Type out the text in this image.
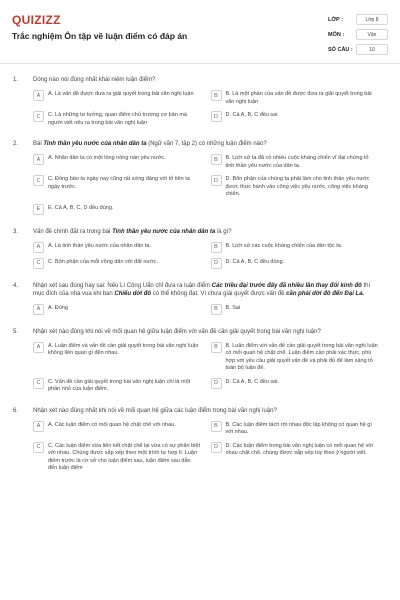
QUIZIZZ
Trắc nghiệm Ôn tập về luận điểm có đáp án
LỚP :	Lớp 8
MÔN :	Văn
SỐ CÂU :	10
1.	Dòng nào nói đúng nhất khái niệm luận điểm?
A	A. Là vấn đề được đưa ra giải quyết trong bài văn nghị luận	B	B. Là một phần của vấn đề được đưa ra giải quyết trong bài văn nghị luận
C	C. Là những tư tưởng, quan điểm chủ trương cơ bản mà người viết nêu ra trong bài văn nghị luận
D	D. Cả A, B, C đều sai
2.	Bài Tinh thần yêu nước của nhân dân ta (Ngữ văn 7, tập 2) có những luận điểm nào?
A	A. Nhân dân ta có một lòng nồng nàn yêu nước.	B	B. Lịch sử ta đã có nhiều cuộc kháng chiến vĩ đại chứng tỏ tinh thần yêu nước của dân ta.
C	C. Đồng bào ta ngày nay cũng rất xứng đáng với tổ tiên ta ngày trước.
D	D. Bổn phận của chúng ta phải làm cho tinh thần yêu nước được thực hành vào công việc yêu nước, công việc kháng chiến.
E	E. Cả A, B, C, D đều đúng.
3.	Vấn đề chính đặt ra trong bài Tinh thần yêu nước của nhân dân ta là gì?
A	A. Là tinh thần yêu nước của nhân dân ta.	B	B. Lịch sử các cuộc kháng chiến của dân tộc ta.
C	C. Bổn phận của mỗi công dân với đất nước.	D	D. Cả A, B, C đều đúng.
4.	Nhận xét sau đúng hay sai: Nếu Lí Công Uẩn chỉ đưa ra luận điểm Các triều đại trước đây đã nhiều lần thay đổi kinh đô thì mục đích của nhà vua khi ban Chiếu dời đô có thể không đạt. Vì chưa giải quyết được vấn đề cần phải dời đô đến Đại La.
A	A. Đúng	B	B. Sai
5.	Nhận xét nào đúng khi nói về mối quan hệ giữa luận điểm với vấn đề cần giải quyết trong bài văn nghị luận?
A	A. Luận điểm và vấn đề cần giải quyết trong bài văn nghị luận không liên quan gì đến nhau.
B	B. Luận điểm với vấn đề cần giải quyết trong bài văn nghị luận có mối quan hệ chặt chẽ. Luận điểm cần phải xác thực, phù hợp với yêu cầu giải quyết vấn đề và phải đủ để làm sáng tỏ toàn bộ luận đề.
C	C. Vấn đề cần giải quyết trong bài văn nghị luận chỉ là một phần nhỏ của luận điểm.
D	D. Cả A, B, C đều sai.
6.	Nhận xét nào đúng nhất khi nói về mối quan hệ giữa các luận điểm trong bài văn nghị luận?
A	A. Các luận điểm có mối quan hệ chặt chẽ với nhau.	B	B. Các luận điểm tách rời nhau độc lập không có quan hệ gì với nhau.
C	C. Các luận điểm vừa liên kết chặt chẽ lại vừa có sự phân biệt với nhau. Chúng được sắp xếp theo một trình tự hợp lí: Luận điểm trước là cơ sở cho luận điểm sau, luận điểm sau dẫn đến luận điểm
D	D. Các luận điểm trong bài văn nghị luận có mối quan hệ với nhau chặt chẽ, chúng được sắp xếp tùy theo ý người viết.
